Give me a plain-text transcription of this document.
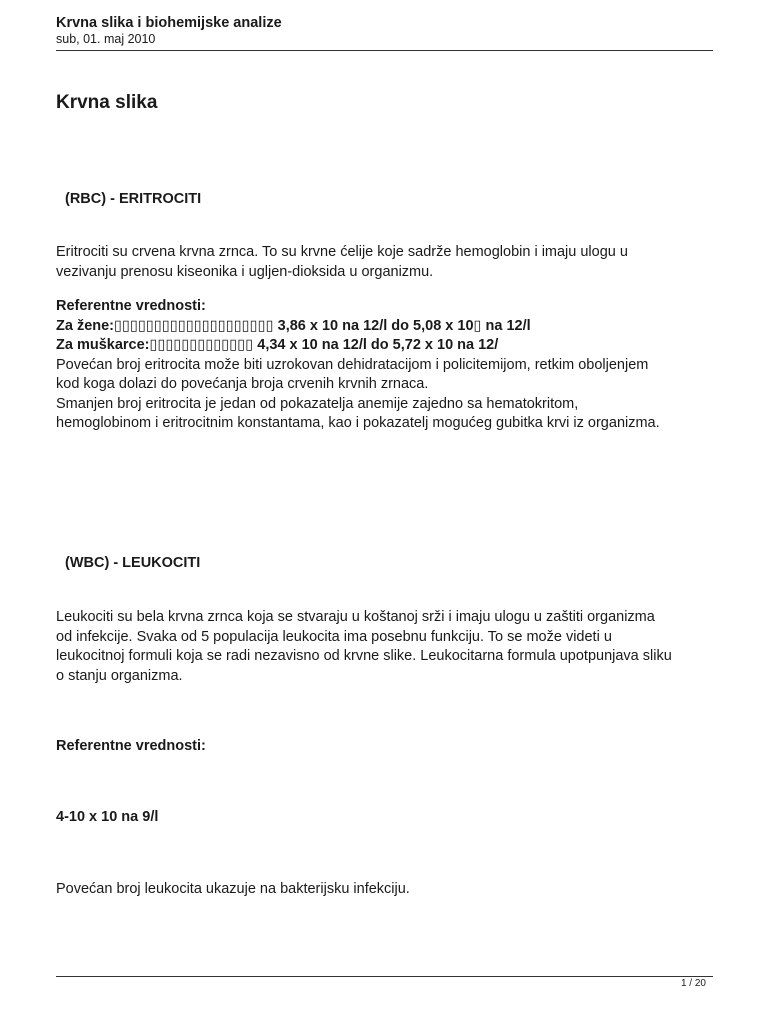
Krvna slika i biohemijske analize
sub, 01. maj 2010
Krvna slika
(RBC) - ERITROCITI
Eritrociti su crvena krvna zrnca. To su krvne ćelije koje sadrže hemoglobin i imaju ulogu u
vezivanju prenosu kiseonika i ugljen-dioksida u organizmu.
Referentne vrednosti:
Za žene:▯▯▯▯▯▯▯▯▯▯▯▯▯▯▯▯▯▯▯▯ 3,86 x 10 na 12/l do 5,08 x 10▯ na 12/l
Za muškarce:▯▯▯▯▯▯▯▯▯▯▯▯▯ 4,34 x 10 na 12/l do 5,72 x 10 na 12/
Povećan broj eritrocita može biti uzrokovan dehidratacijom i policitemijom, retkim oboljenjem
kod koga dolazi do povećanja broja crvenih krvnih zrnaca.
Smanjen broj eritrocita je jedan od pokazatelja anemije zajedno sa hematokritom,
hemoglobinom i eritrocitnim konstantama, kao i pokazatelj mogućeg gubitka krvi iz organizma.
(WBC) - LEUKOCITI
Leukociti su bela krvna zrnca koja se stvaraju u koštanoj srži i imaju ulogu u zaštiti organizma
od infekcije. Svaka od 5 populacija leukocita ima posebnu funkciju. To se može videti u
leukocitnoj formuli koja se radi nezavisno od krvne slike. Leukocitarna formula upotpunjava sliku
o stanju organizma.
Referentne vrednosti:
4-10 x 10 na 9/l
Povećan broj leukocita ukazuje na bakterijsku infekciju.
1 / 20
